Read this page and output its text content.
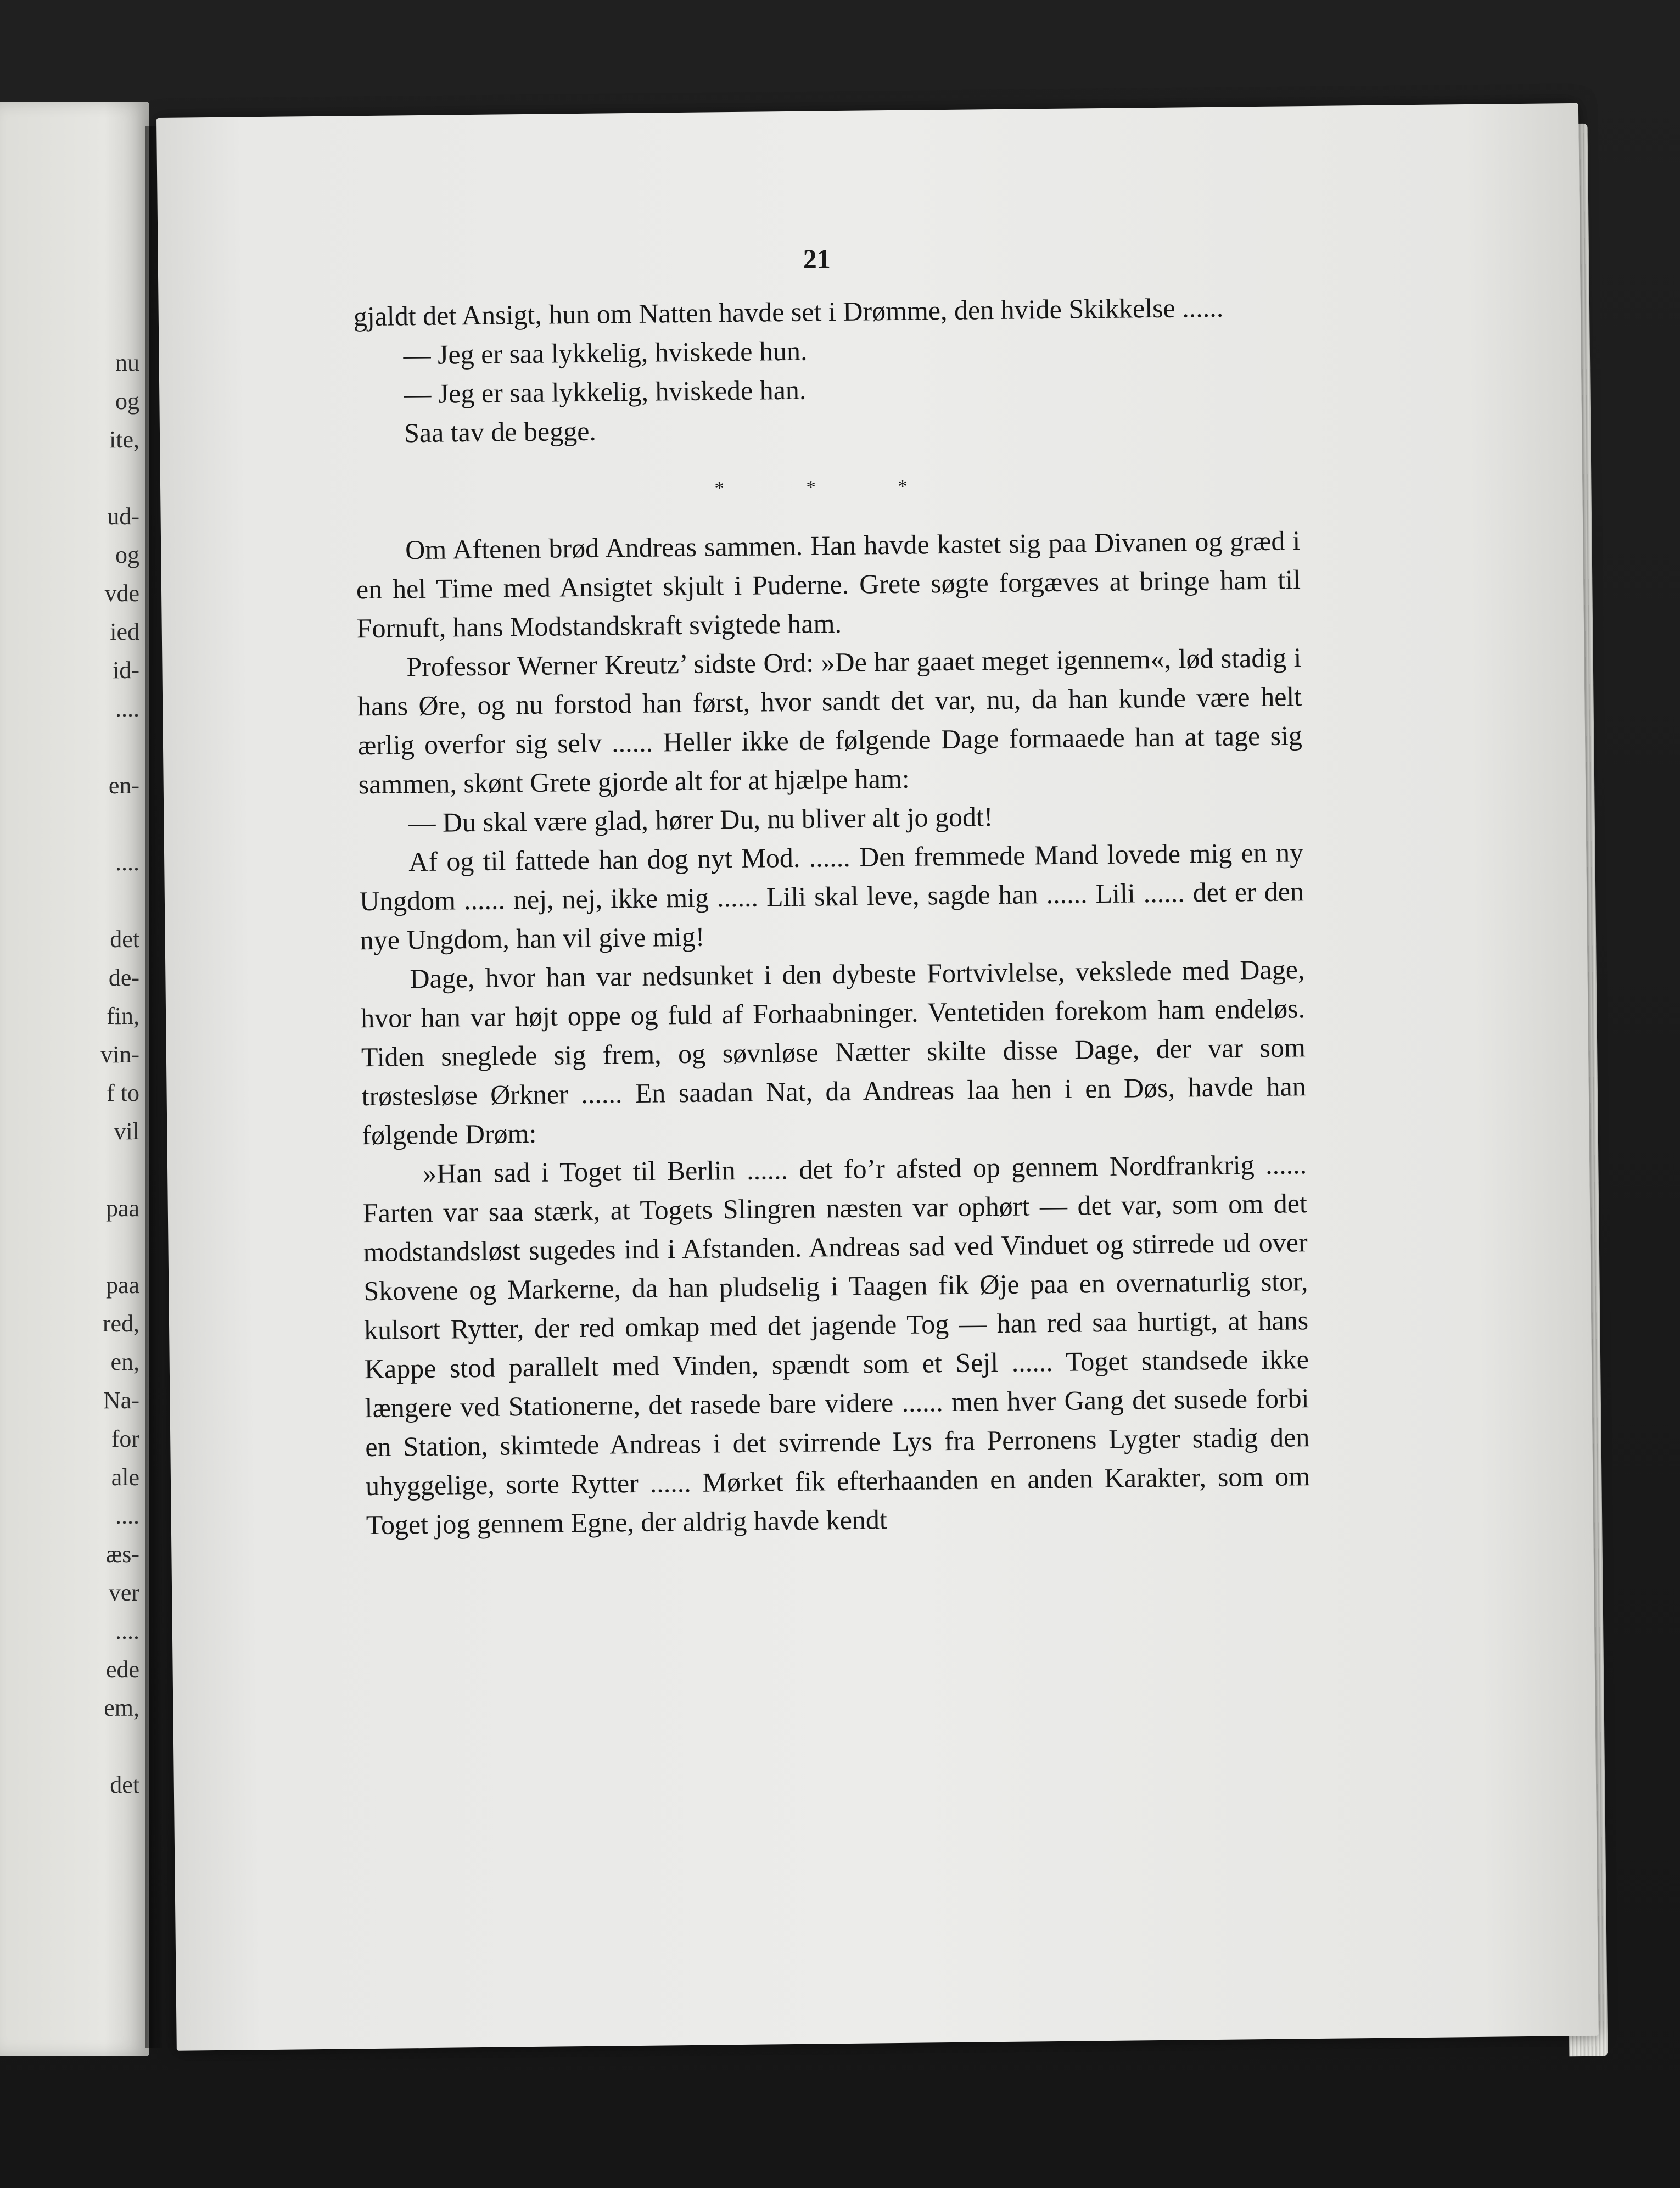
nu
og
ite,
ud-
og
vde
ied
id-
....
en-
....
det
de-
fin,
vin-
f to
vil
paa
paa
red,
en,
Na-
for
ale
....
æs-
ver
....
ede
em,
det
21

gjaldt det Ansigt, hun om Natten havde set i Drømme, den hvide Skikkelse ......

— Jeg er saa lykkelig, hviskede hun.

— Jeg er saa lykkelig, hviskede han.

Saa tav de begge.

*	*	*

Om Aftenen brød Andreas sammen. Han havde kastet sig paa Divanen og græd i en hel Time med Ansigtet skjult i Puderne. Grete søgte forgæves at bringe ham til Fornuft, hans Modstandskraft svigtede ham.

Professor Werner Kreutz’ sidste Ord: »De har gaaet meget igennem«, lød stadig i hans Øre, og nu forstod han først, hvor sandt det var, nu, da han kunde være helt ærlig overfor sig selv ...... Heller ikke de følgende Dage formaaede han at tage sig sammen, skønt Grete gjorde alt for at hjælpe ham:

— Du skal være glad, hører Du, nu bliver alt jo godt!

Af og til fattede han dog nyt Mod. ...... Den fremmede Mand lovede mig en ny Ungdom ...... nej, nej, ikke mig ...... Lili skal leve, sagde han ...... Lili ...... det er den nye Ungdom, han vil give mig!

Dage, hvor han var nedsunket i den dybeste Fortvivlelse, vekslede med Dage, hvor han var højt oppe og fuld af Forhaabninger. Ventetiden forekom ham endeløs. Tiden sneglede sig frem, og søvnløse Nætter skilte disse Dage, der var som trøstesløse Ørkner ...... En saadan Nat, da Andreas laa hen i en Døs, havde han følgende Drøm:

»Han sad i Toget til Berlin ...... det fo’r afsted op gennem Nordfrankrig ...... Farten var saa stærk, at Togets Slingren næsten var ophørt — det var, som om det modstandsløst sugedes ind i Afstanden. Andreas sad ved Vinduet og stirrede ud over Skovene og Markerne, da han pludselig i Taagen fik Øje paa en overnaturlig stor, kulsort Rytter, der red omkap med det jagende Tog — han red saa hurtigt, at hans Kappe stod parallelt med Vinden, spændt som et Sejl ...... Toget standsede ikke længere ved Stationerne, det rasede bare videre ...... men hver Gang det susede forbi en Station, skimtede Andreas i det svirrende Lys fra Perronens Lygter stadig den uhyggelige, sorte Rytter ...... Mørket fik efterhaanden en anden Karakter, som om Toget jog gennem Egne, der aldrig havde kendt
